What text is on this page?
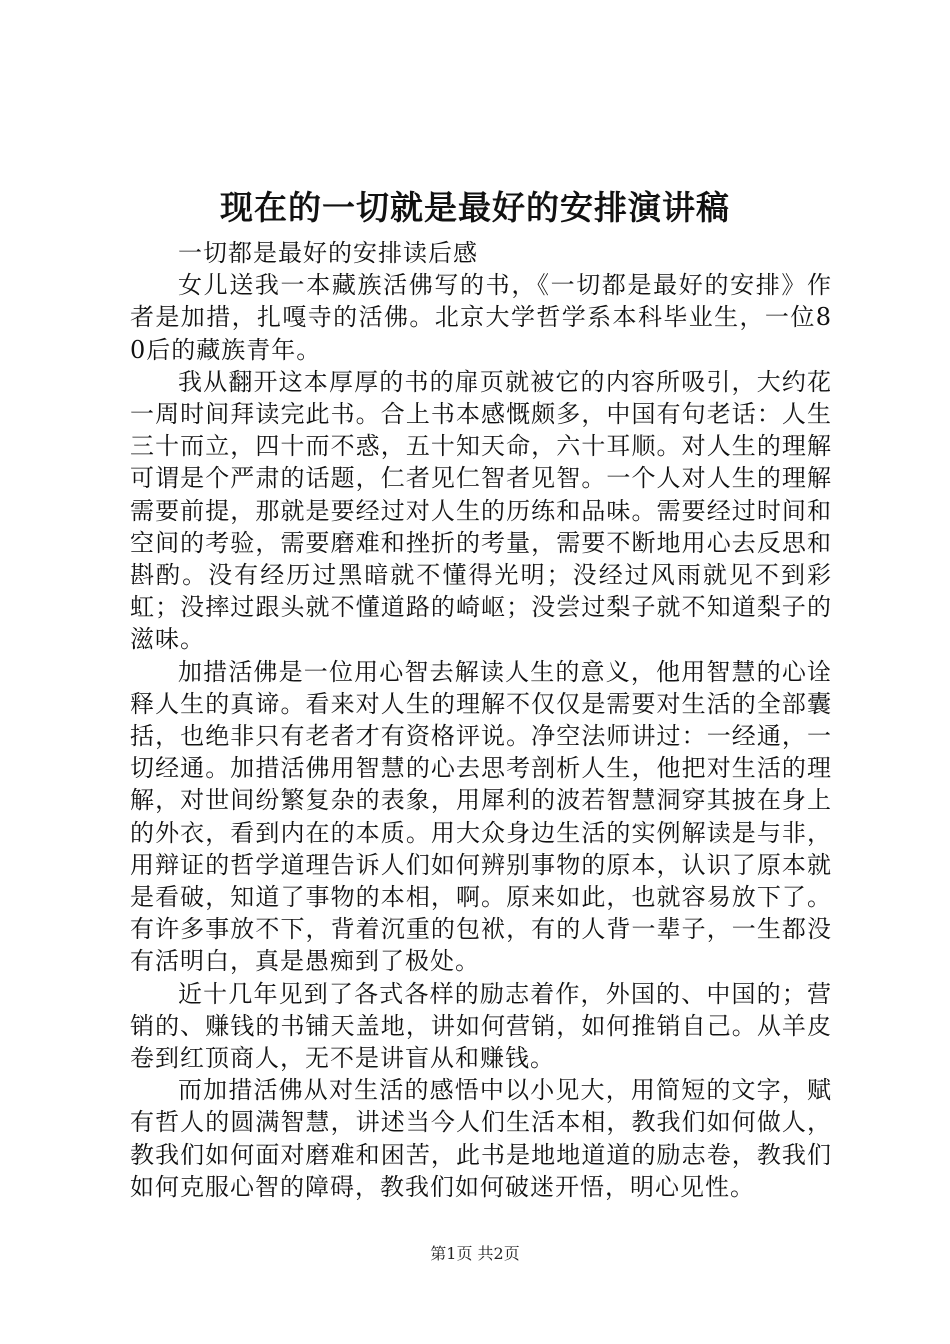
现在的一切就是最好的安排演讲稿

一切都是最好的安排读后感

女儿送我一本藏族活佛写的书，《一切都是最好的安排》作者是加措，扎嘎寺的活佛。北京大学哲学系本科毕业生，一位80后的藏族青年。

我从翻开这本厚厚的书的扉页就被它的内容所吸引，大约花一周时间拜读完此书。合上书本感慨颇多，中国有句老话：人生三十而立，四十而不惑，五十知天命，六十耳顺。对人生的理解可谓是个严肃的话题，仁者见仁智者见智。一个人对人生的理解需要前提，那就是要经过对人生的历练和品味。需要经过时间和空间的考验，需要磨难和挫折的考量，需要不断地用心去反思和斟酌。没有经历过黑暗就不懂得光明；没经过风雨就见不到彩虹；没摔过跟头就不懂道路的崎岖；没尝过梨子就不知道梨子的滋味。

加措活佛是一位用心智去解读人生的意义，他用智慧的心诠释人生的真谛。看来对人生的理解不仅仅是需要对生活的全部囊括，也绝非只有老者才有资格评说。净空法师讲过：一经通，一切经通。加措活佛用智慧的心去思考剖析人生，他把对生活的理解，对世间纷繁复杂的表象，用犀利的波若智慧洞穿其披在身上的外衣，看到内在的本质。用大众身边生活的实例解读是与非，用辩证的哲学道理告诉人们如何辨别事物的原本，认识了原本就是看破，知道了事物的本相，啊。原来如此，也就容易放下了。有许多事放不下，背着沉重的包袱，有的人背一辈子，一生都没有活明白，真是愚痴到了极处。

近十几年见到了各式各样的励志着作，外国的、中国的；营销的、赚钱的书铺天盖地，讲如何营销，如何推销自己。从羊皮卷到红顶商人，无不是讲盲从和赚钱。

而加措活佛从对生活的感悟中以小见大，用简短的文字，赋有哲人的圆满智慧，讲述当今人们生活本相，教我们如何做人，教我们如何面对磨难和困苦，此书是地地道道的励志卷，教我们如何克服心智的障碍，教我们如何破迷开悟，明心见性。

第1页 共2页
